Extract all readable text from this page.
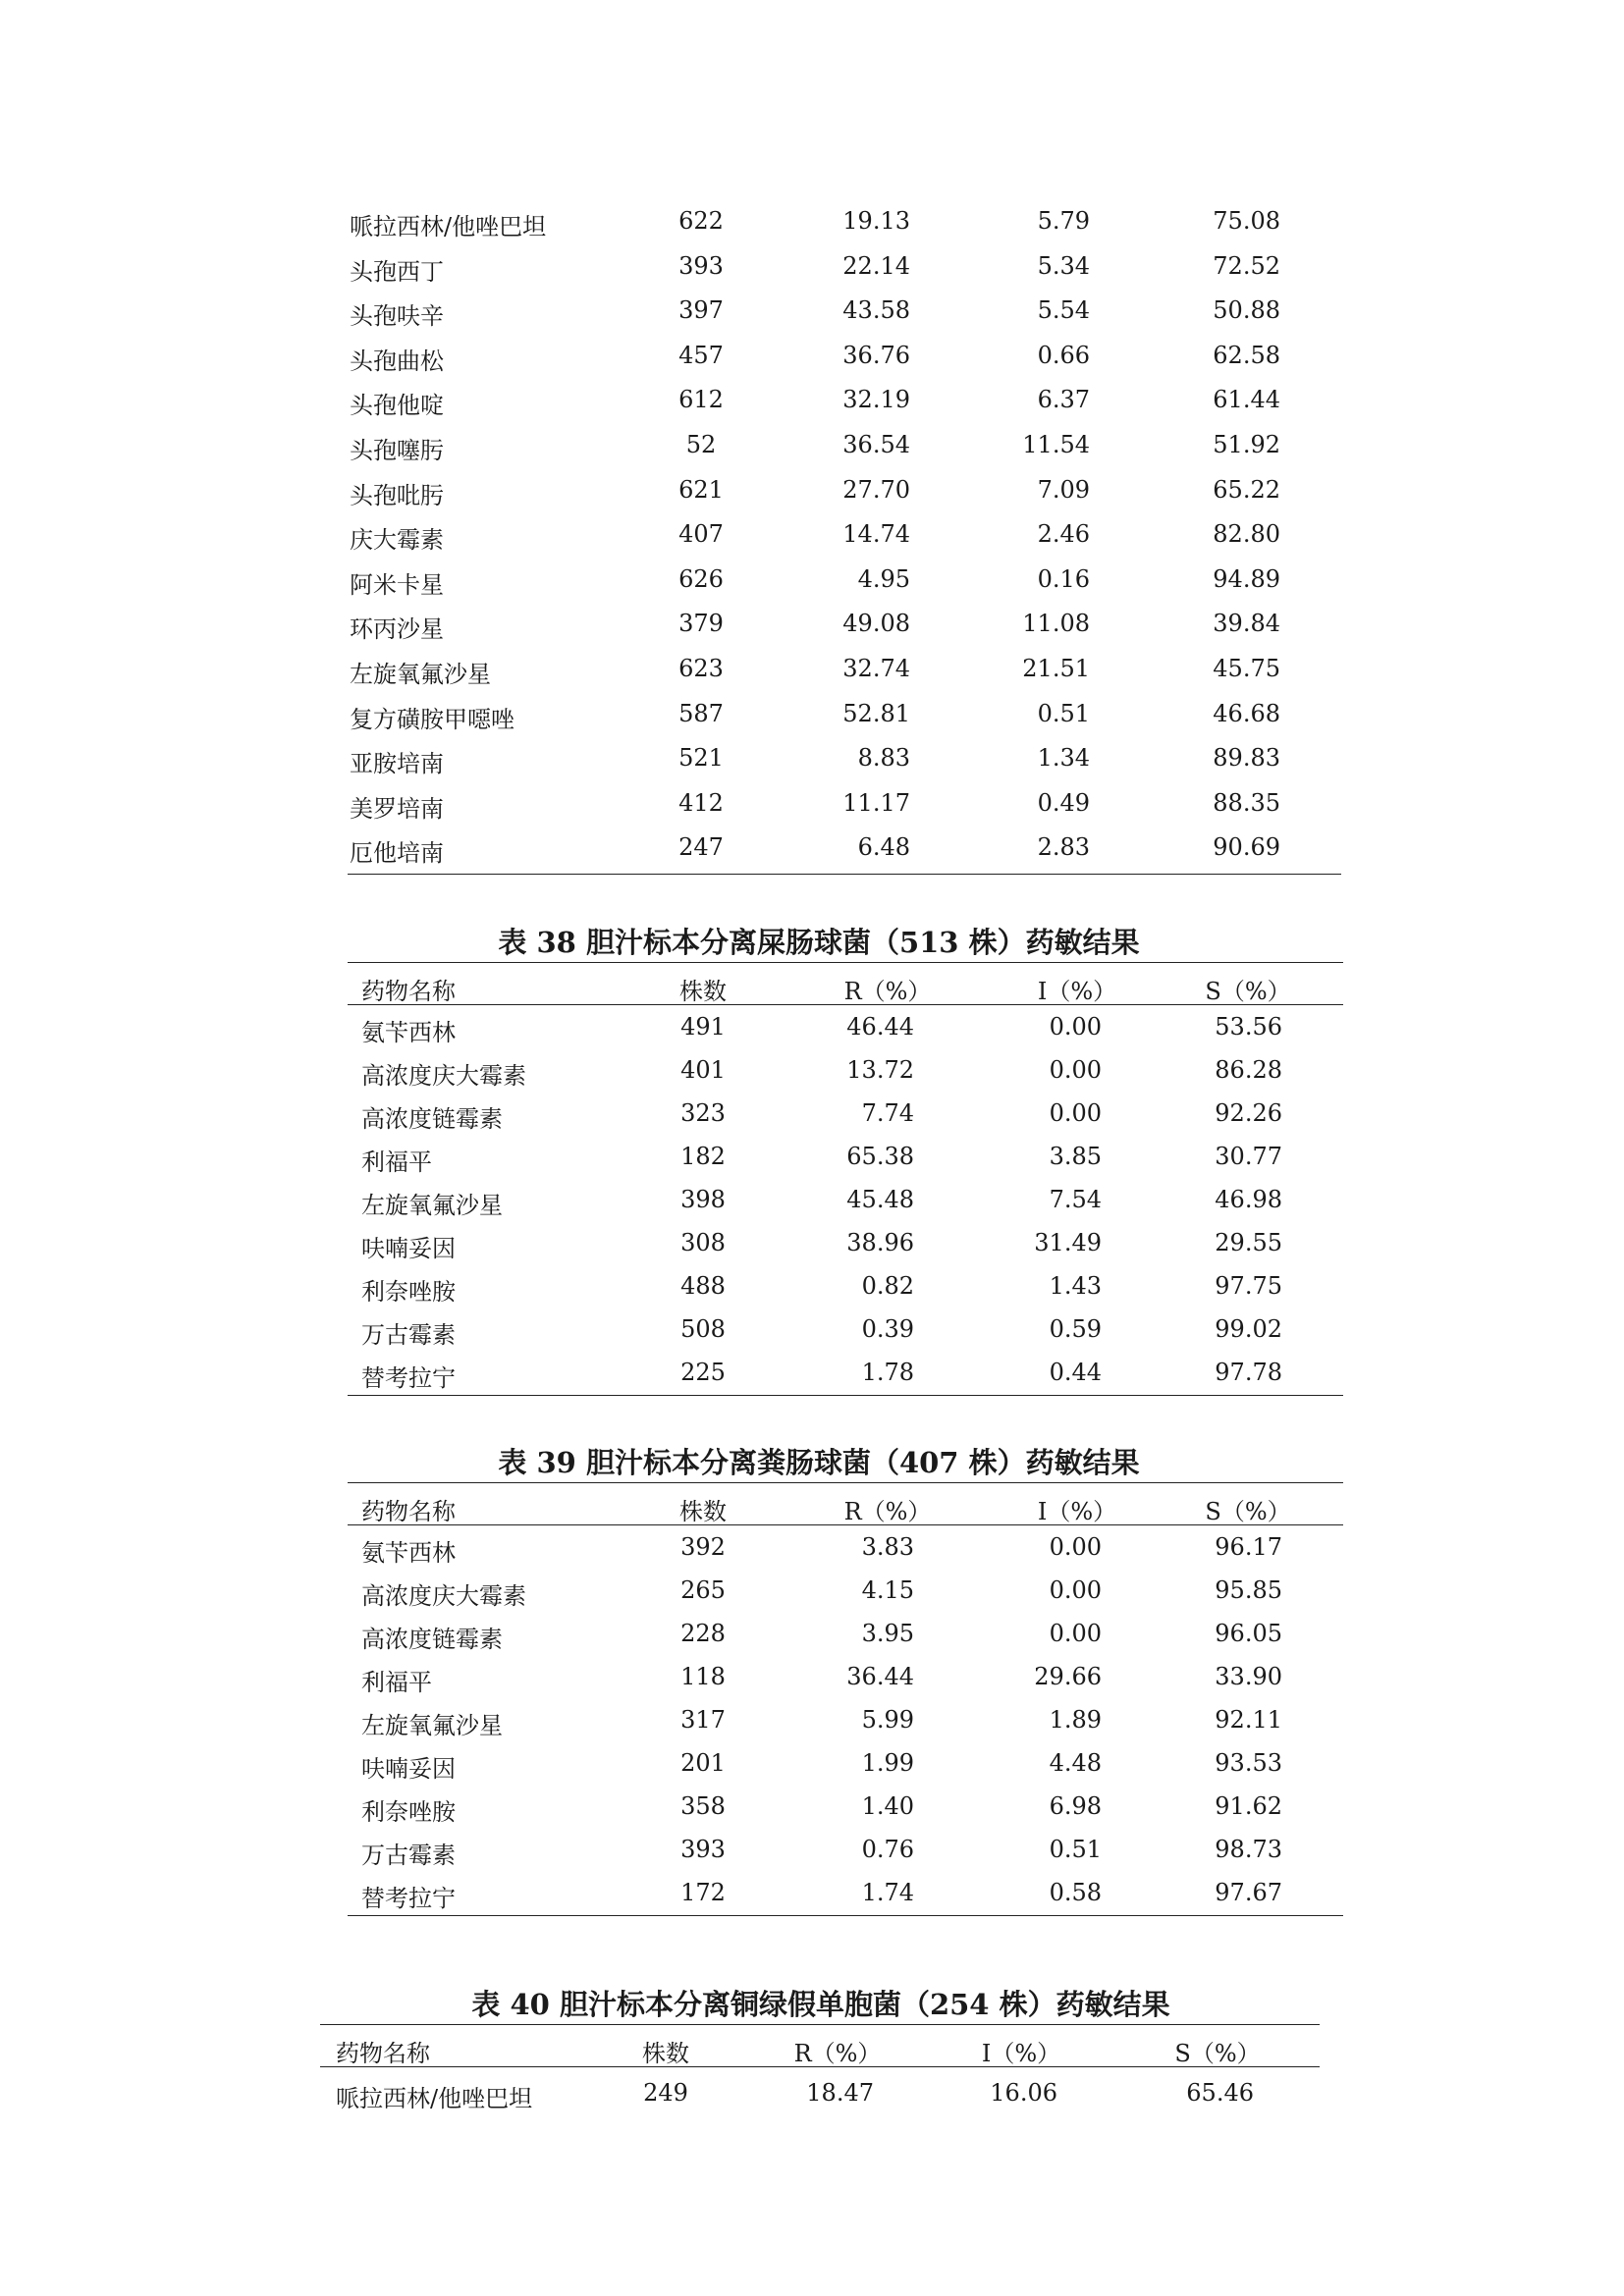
哌拉西林/他唑巴坦	622	19.13	5.79	75.08
头孢西丁	393	22.14	5.34	72.52
头孢呋辛	397	43.58	5.54	50.88
头孢曲松	457	36.76	0.66	62.58
头孢他啶	612	32.19	6.37	61.44
头孢噻肟	52	36.54	11.54	51.92
头孢吡肟	621	27.70	7.09	65.22
庆大霉素	407	14.74	2.46	82.80
阿米卡星	626	4.95	0.16	94.89
环丙沙星	379	49.08	11.08	39.84
左旋氧氟沙星	623	32.74	21.51	45.75
复方磺胺甲噁唑	587	52.81	0.51	46.68
亚胺培南	521	8.83	1.34	89.83
美罗培南	412	11.17	0.49	88.35
厄他培南	247	6.48	2.83	90.69
表 38 胆汁标本分离屎肠球菌（513 株）药敏结果
药物名称	株数	R（%）	I（%）	S（%）
氨苄西林	491	46.44	0.00	53.56
高浓度庆大霉素	401	13.72	0.00	86.28
高浓度链霉素	323	7.74	0.00	92.26
利福平	182	65.38	3.85	30.77
左旋氧氟沙星	398	45.48	7.54	46.98
呋喃妥因	308	38.96	31.49	29.55
利奈唑胺	488	0.82	1.43	97.75
万古霉素	508	0.39	0.59	99.02
替考拉宁	225	1.78	0.44	97.78
表 39 胆汁标本分离粪肠球菌（407 株）药敏结果
药物名称	株数	R（%）	I（%）	S（%）
氨苄西林	392	3.83	0.00	96.17
高浓度庆大霉素	265	4.15	0.00	95.85
高浓度链霉素	228	3.95	0.00	96.05
利福平	118	36.44	29.66	33.90
左旋氧氟沙星	317	5.99	1.89	92.11
呋喃妥因	201	1.99	4.48	93.53
利奈唑胺	358	1.40	6.98	91.62
万古霉素	393	0.76	0.51	98.73
替考拉宁	172	1.74	0.58	97.67
表 40 胆汁标本分离铜绿假单胞菌（254 株）药敏结果
药物名称	株数	R（%）	I（%）	S（%）
哌拉西林/他唑巴坦	249	18.47	16.06	65.46
